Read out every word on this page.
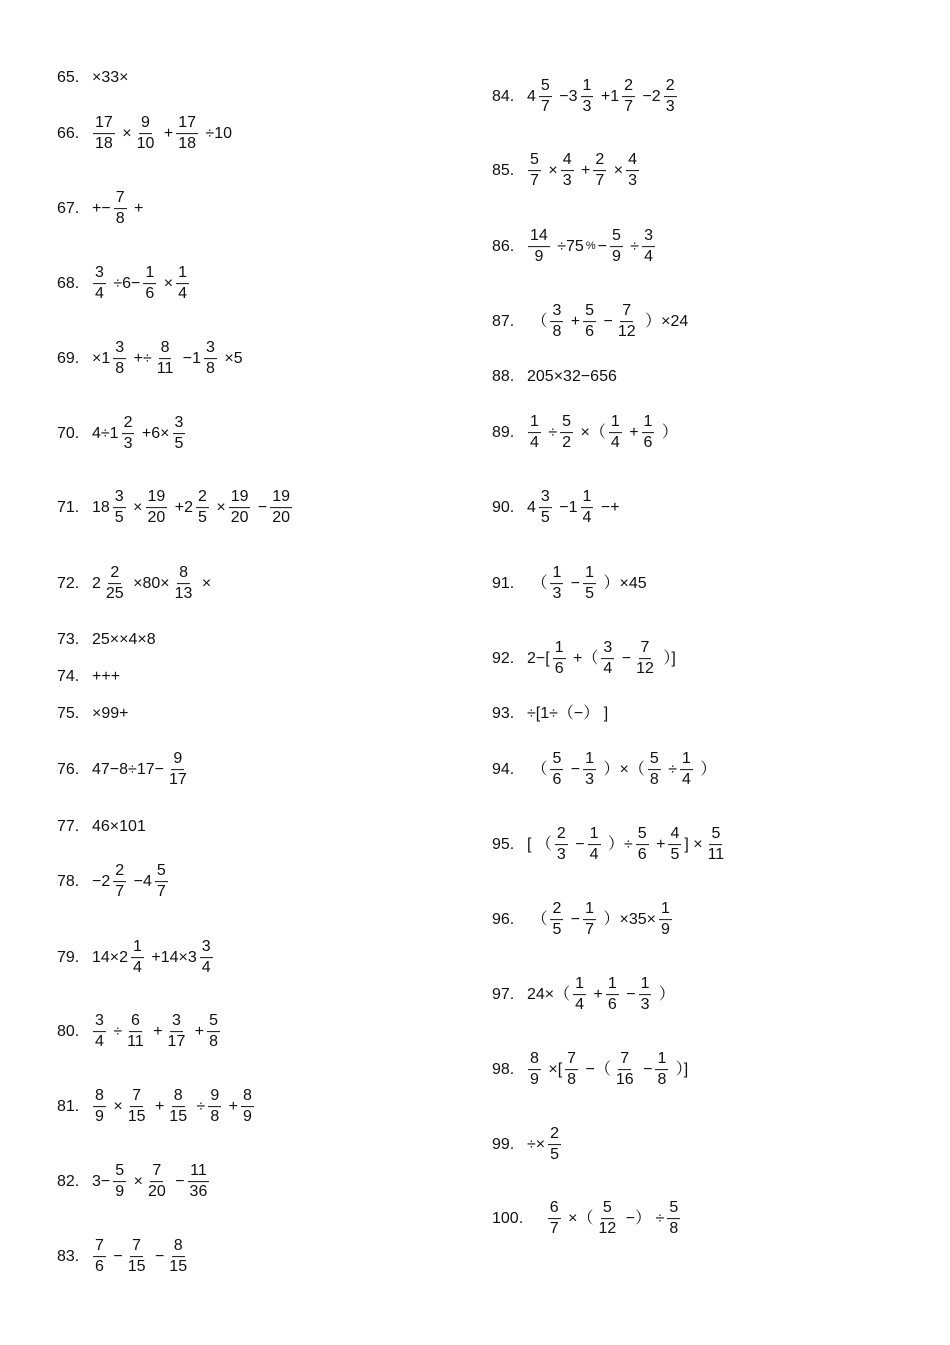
65. ×33×
66. $\frac{17}{18} \times \frac{9}{10} + \frac{17}{18} \div 10$
67. +− $\frac{7}{8}$ +
68. $\frac{3}{4} \div 6- \frac{1}{6} \times \frac{1}{4}$
69. $\times 1 \frac{3}{8} +\div \frac{8}{11} -1 \frac{3}{8} \times 5$
70. $4\div 1 \frac{2}{3} +6\times \frac{3}{5}$
71. $18 \frac{3}{5} \times \frac{19}{20} +2 \frac{2}{5} \times \frac{19}{20} - \frac{19}{20}$
72. $2 \frac{2}{25} \times 80\times \frac{8}{13}$ ×
73. 25××4×8
74. +++
75. ×99+
76. $47-8\div 17- \frac{9}{17}$
77. 46×101
78. $-2 \frac{2}{7} -4 \frac{5}{7}$
79. $14\times 2 \frac{1}{4} +14\times 3 \frac{3}{4}$
80. $\frac{3}{4} \div \frac{6}{11} + \frac{3}{17} + \frac{5}{8}$
81. $\frac{8}{9} \times \frac{7}{15} + \frac{8}{15} \div \frac{9}{8} + \frac{8}{9}$
82. $3- \frac{5}{9} \times \frac{7}{20} - \frac{11}{36}$
83. $\frac{7}{6} - \frac{7}{15} - \frac{8}{15}$
84. $4 \frac{5}{7} -3 \frac{1}{3} +1 \frac{2}{7} -2 \frac{2}{3}$
85. $\frac{5}{7} \times \frac{4}{3} + \frac{2}{7} \times \frac{4}{3}$
86. $\frac{14}{9} \div 75$ % − $\frac{5}{9} \div \frac{3}{4}$
87. （ $\frac{3}{8} + \frac{5}{6} - \frac{7}{12} )\times 24$
88. 205×32−656
89. $\frac{1}{4} \div \frac{5}{2}$ ×（ $\frac{1}{4} + \frac{1}{6}$ ）
90. $4 \frac{3}{5} -1 \frac{1}{4}$ −+
91. （ $\frac{1}{3} - \frac{1}{5} )\times 45$
92. $2-[ \frac{1}{6}$ +（ $\frac{3}{4} - \frac{7}{12}$ ）]
93. ÷[1÷（−） ]
94. （ $\frac{5}{6} - \frac{1}{3}$ ）×（ $\frac{5}{8} \div \frac{1}{4}$ ）
95. [ （ $\frac{2}{3} - \frac{1}{4}$ ）÷ $\frac{5}{6} + \frac{4}{5}$ ] × $\frac{5}{11}$
96. （ $\frac{2}{5} - \frac{1}{7} )\times 35\times \frac{1}{9}$
97. $24\times( \frac{1}{4} + \frac{1}{6} - \frac{1}{3}$ ）
98. $\frac{8}{9}$ ×[ $\frac{7}{8}$ −（ $\frac{7}{16} - \frac{1}{8}$ ）]
99. ÷× $\frac{2}{5}$
100.
$\frac{6}{7}$ ×（ $\frac{5}{12}$ −） ÷ $\frac{5}{8}$
